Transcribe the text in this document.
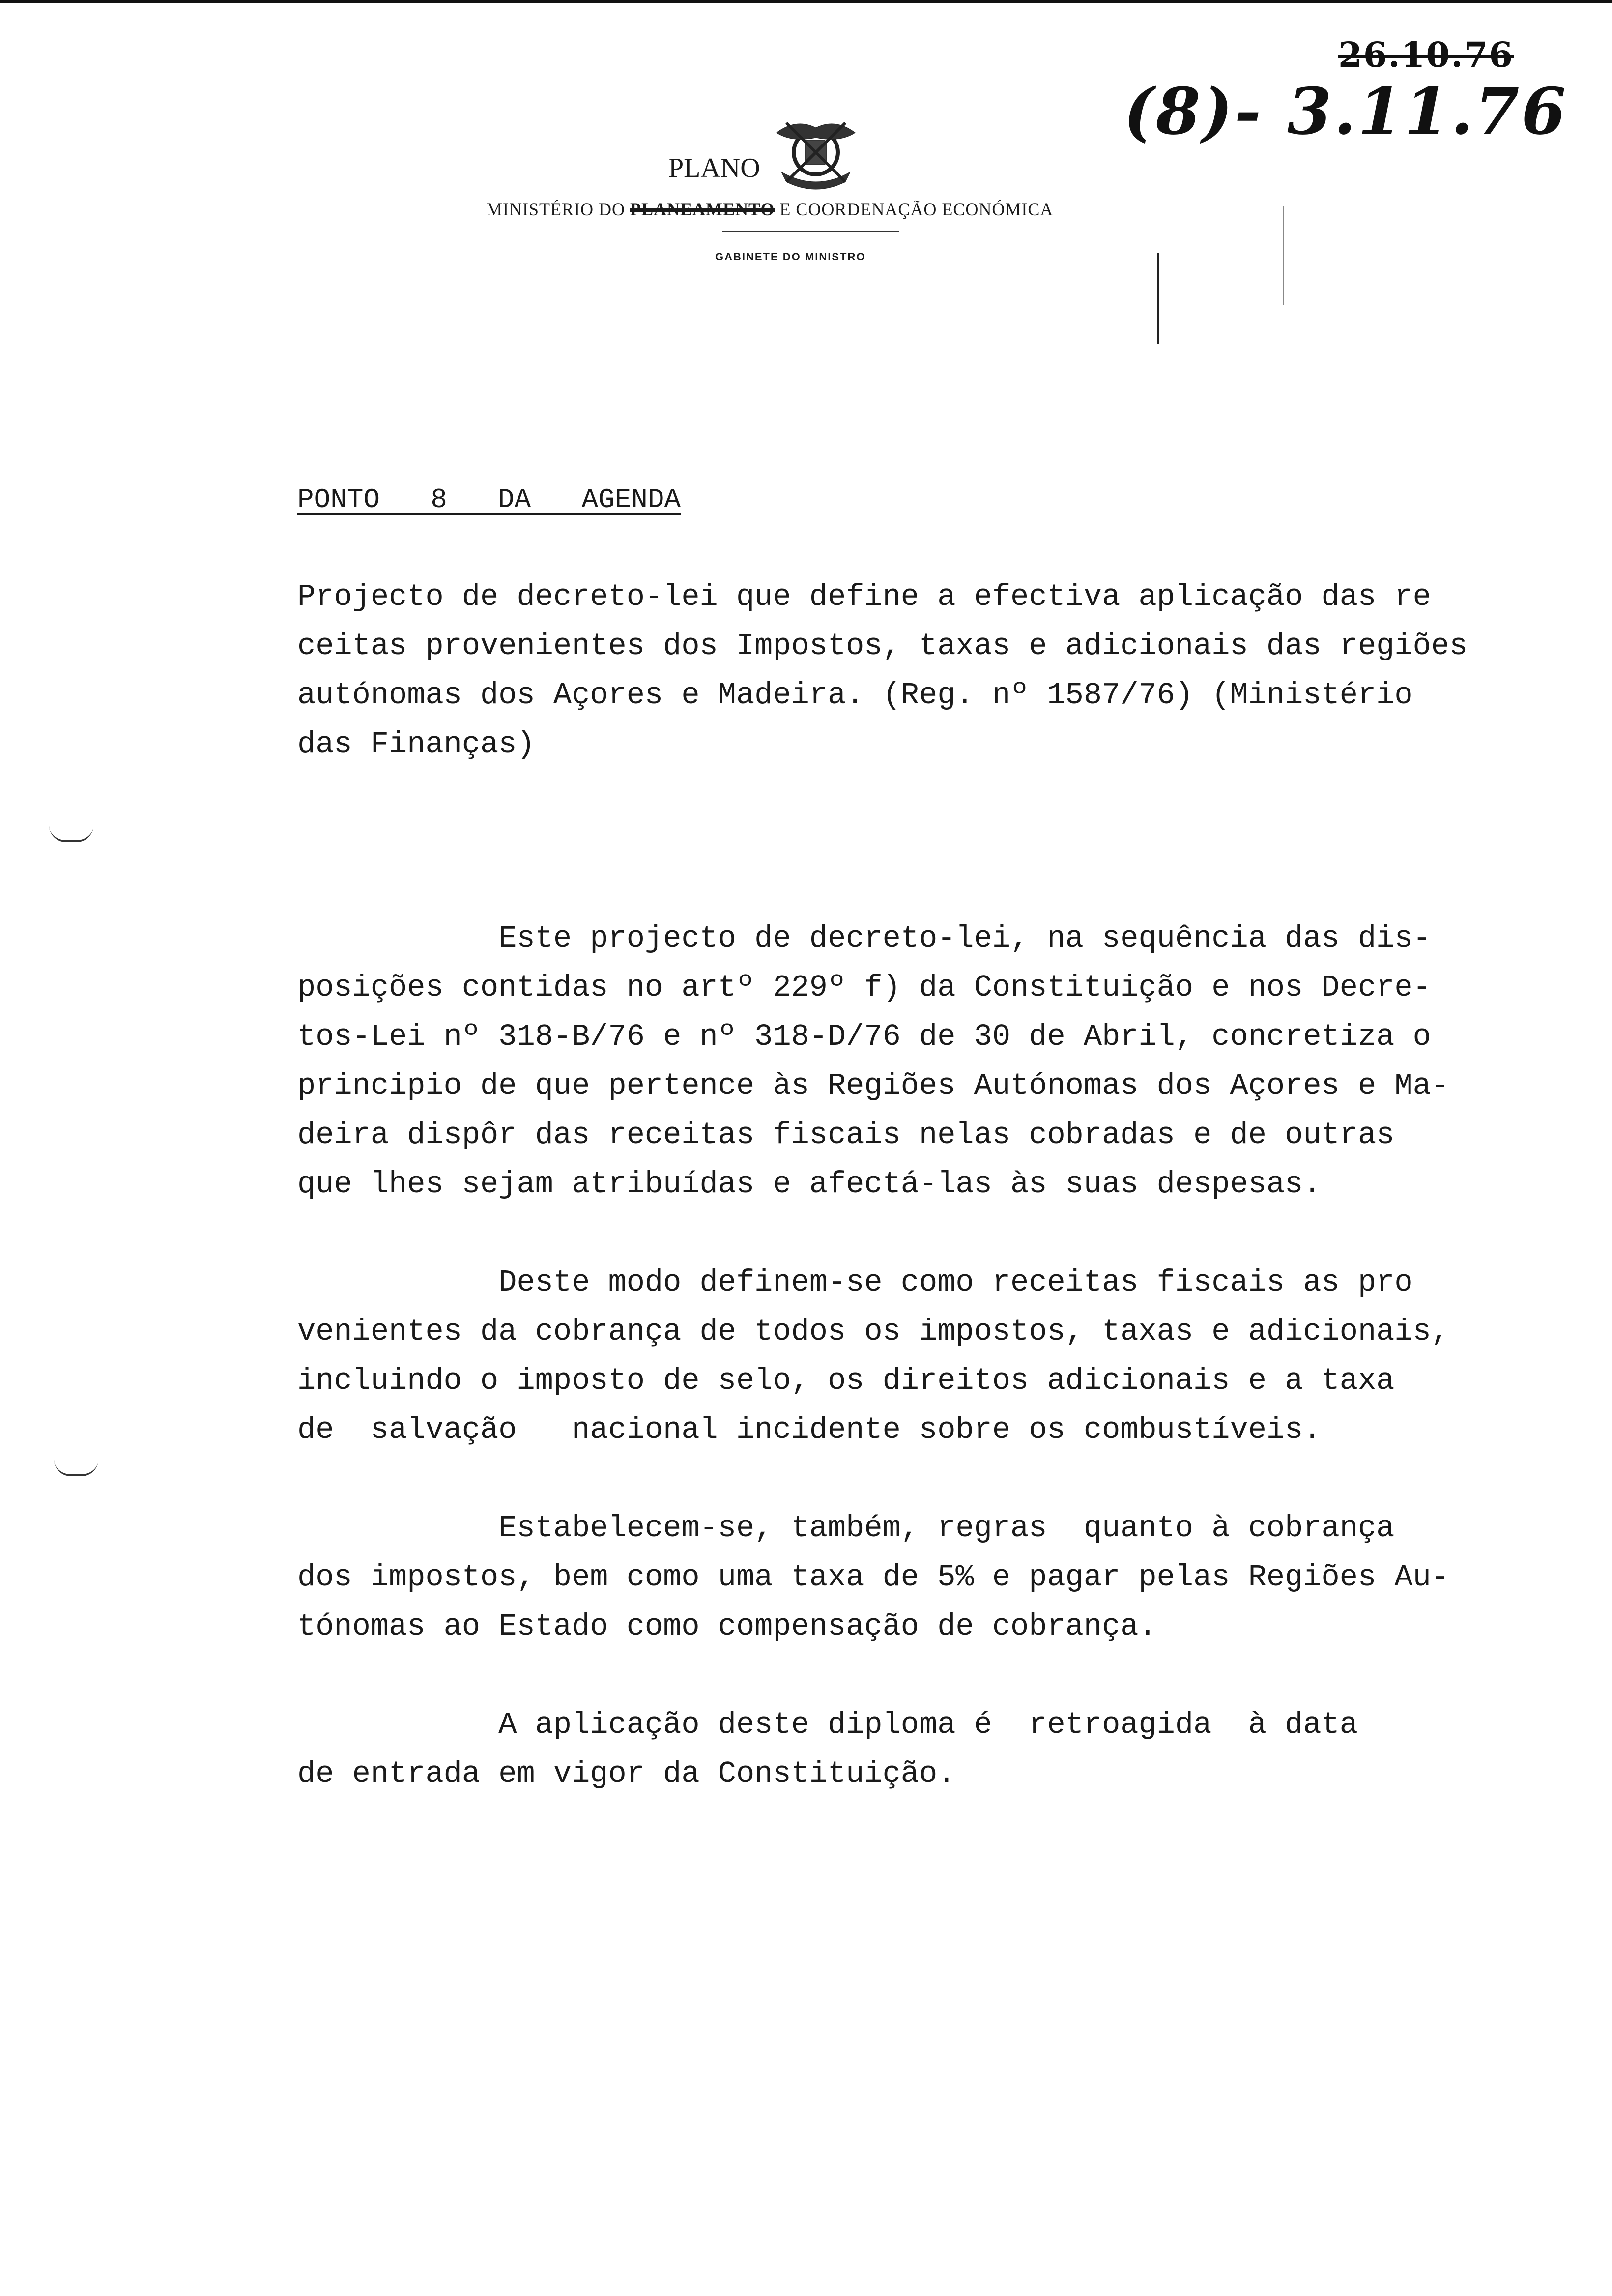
26.10.76
(8)- 3.11.76
PLANO
MINISTÉRIO DO PLANEAMENTO E COORDENAÇÃO ECONÓMICA
GABINETE DO MINISTRO
PONTO  8  DA  AGENDA

Projecto de decreto-lei que define a efectiva aplicação das re
ceitas provenientes dos Impostos, taxas e adicionais das regiões
autónomas dos Açores e Madeira. (Reg. nº 1587/76) (Ministério
das Finanças)

Este projecto de decreto-lei, na sequência das dis-
posições contidas no artº 229º f) da Constituição e nos Decre-
tos-Lei nº 318-B/76 e nº 318-D/76 de 30 de Abril, concretiza o
principio de que pertence às Regiões Autónomas dos Açores e Ma-
deira dispôr das receitas fiscais nelas cobradas e de outras
que lhes sejam atribuídas e afectá-las às suas despesas.

Deste modo definem-se como receitas fiscais as pro
venientes da cobrança de todos os impostos, taxas e adicionais,
incluindo o imposto de selo, os direitos adicionais e a taxa
de  salvação   nacional incidente sobre os combustíveis.

Estabelecem-se, também, regras  quanto à cobrança
dos impostos, bem como uma taxa de 5% e pagar pelas Regiões Au-
tónomas ao Estado como compensação de cobrança.

A aplicação deste diploma é  retroagida  à data
de entrada em vigor da Constituição.
